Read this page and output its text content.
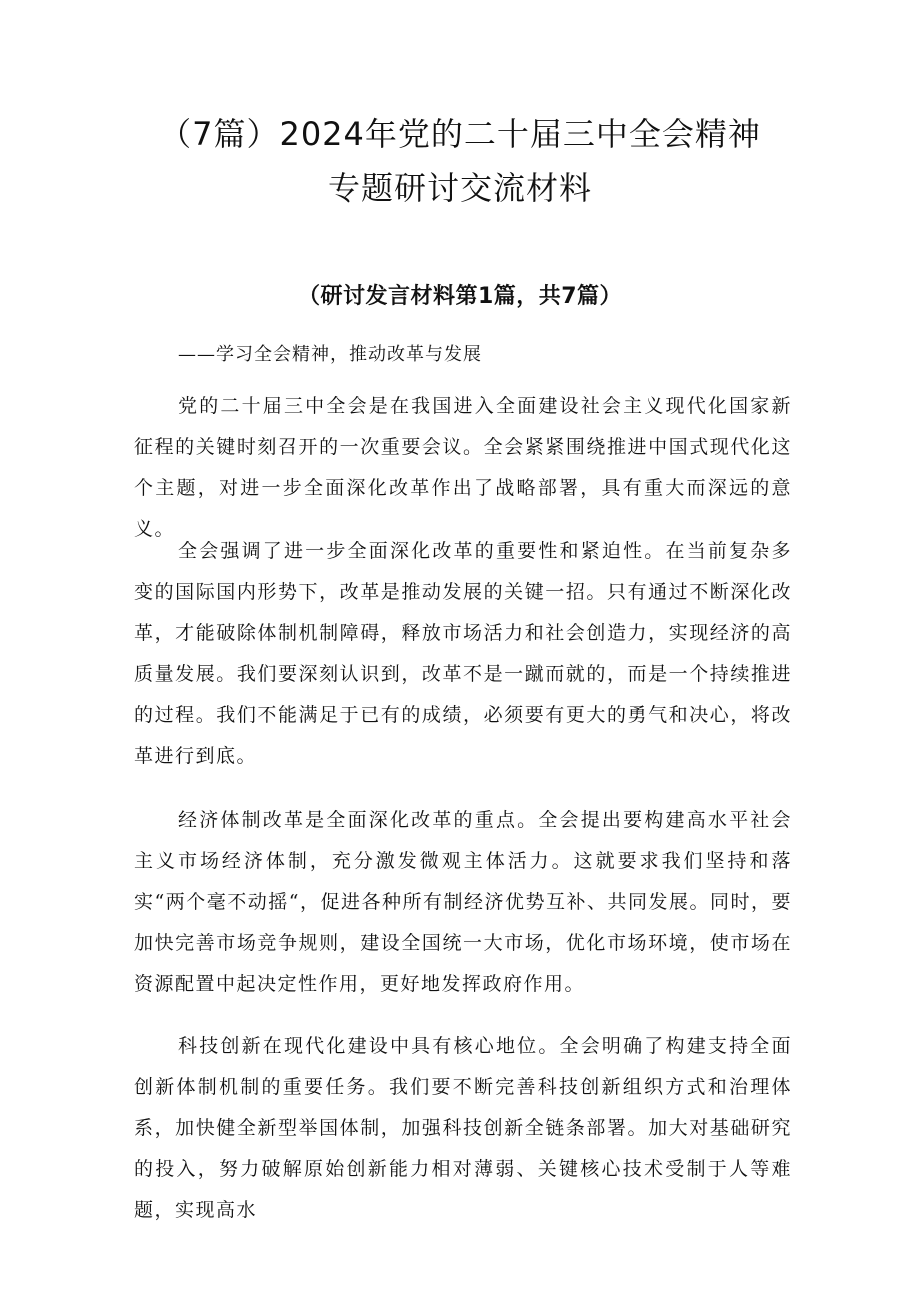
（7篇）2024年党的二十届三中全会精神
专题研讨交流材料
（研讨发言材料第1篇，共7篇）
——学习全会精神，推动改革与发展

党的二十届三中全会是在我国进入全面建设社会主义现代化国家新征程的关键时刻召开的一次重要会议。全会紧紧围绕推进中国式现代化这个主题，对进一步全面深化改革作出了战略部署，具有重大而深远的意义。

全会强调了进一步全面深化改革的重要性和紧迫性。在当前复杂多变的国际国内形势下，改革是推动发展的关键一招。只有通过不断深化改革，才能破除体制机制障碍，释放市场活力和社会创造力，实现经济的高质量发展。我们要深刻认识到，改革不是一蹴而就的，而是一个持续推进的过程。我们不能满足于已有的成绩，必须要有更大的勇气和决心，将改革进行到底。

经济体制改革是全面深化改革的重点。全会提出要构建高水平社会主义市场经济体制，充分激发微观主体活力。这就要求我们坚持和落实“两个毫不动摇“，促进各种所有制经济优势互补、共同发展。同时，要加快完善市场竞争规则，建设全国统一大市场，优化市场环境，使市场在资源配置中起决定性作用，更好地发挥政府作用。

科技创新在现代化建设中具有核心地位。全会明确了构建支持全面创新体制机制的重要任务。我们要不断完善科技创新组织方式和治理体系，加快健全新型举国体制，加强科技创新全链条部署。加大对基础研究的投入，努力破解原始创新能力相对薄弱、关键核心技术受制于人等难题，实现高水
